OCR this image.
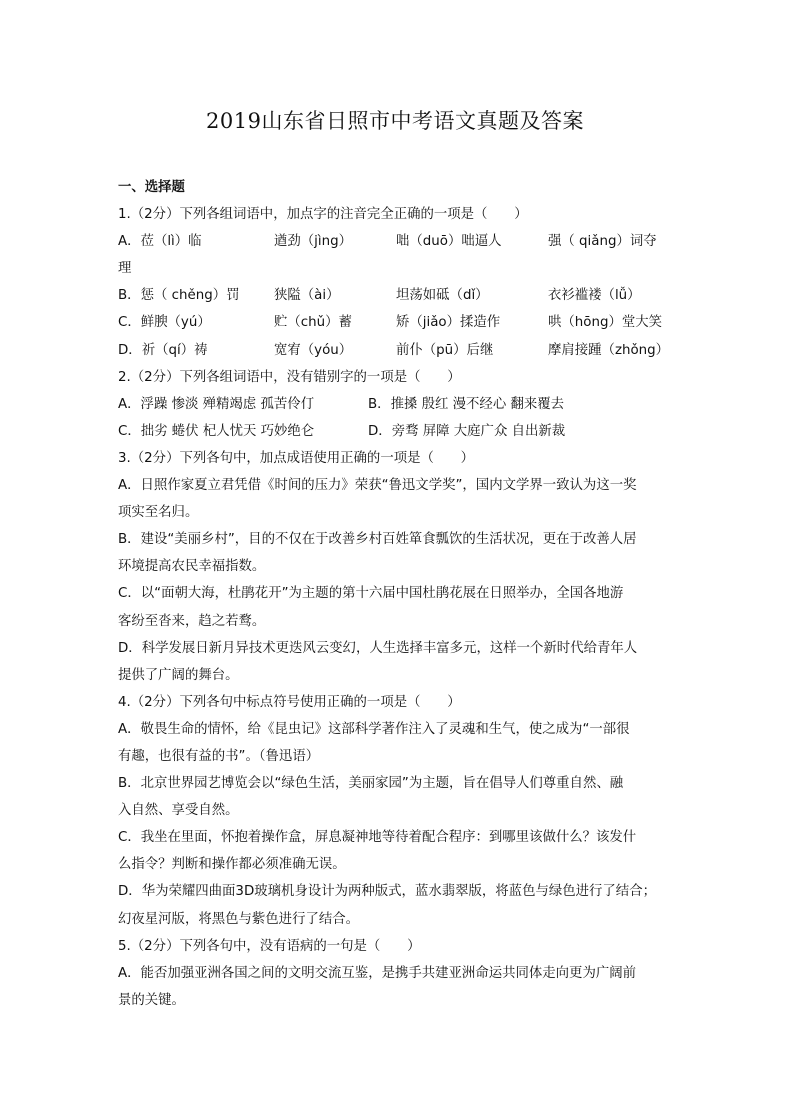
2019山东省日照市中考语文真题及答案
一、选择题
1.（2分）下列各组词语中，加点字的注音完全正确的一项是（　　）
A．莅（lì）临	遒劲（jìng）	咄（duō）咄逼人	强（ qiǎng）词夺
理
B．惩（ chěng）罚	狭隘（ài）	坦荡如砥（dǐ）	衣衫褴褛（lǚ）
C．鲜腴（yú）	贮（chǔ）蓄	矫（jiǎo）揉造作	哄（hōng）堂大笑
D．祈（qí）祷	宽宥（yóu）	前仆（pū）后继	摩肩接踵（zhǒng）
2.（2分）下列各组词语中，没有错别字的一项是（　　）
A．浮躁 惨淡 殚精竭虑 孤苦伶仃	B．推搡 殷红 漫不经心 翻来覆去
C．拙劣 蜷伏 杞人忧天 巧妙绝仑	D．旁骛 屏障 大庭广众 自出新裁
3.（2分）下列各句中，加点成语使用正确的一项是（　　）
A．日照作家夏立君凭借《时间的压力》荣获“鲁迅文学奖”，国内文学界一致认为这一奖
项实至名归。
B．建设“美丽乡村”，目的不仅在于改善乡村百姓箪食瓢饮的生活状况，更在于改善人居
环境提高农民幸福指数。
C．以“面朝大海，杜鹃花开”为主题的第十六届中国杜鹃花展在日照举办，全国各地游
客纷至沓来，趋之若鹜。
D．科学发展日新月异技术更迭风云变幻，人生选择丰富多元，这样一个新时代给青年人
提供了广阔的舞台。
4.（2分）下列各句中标点符号使用正确的一项是（　　）
A．敬畏生命的情怀，给《昆虫记》这部科学著作注入了灵魂和生气，使之成为“一部很
有趣，也很有益的书”。（鲁迅语）
B．北京世界园艺博览会以“绿色生活，美丽家园”为主题，旨在倡导人们尊重自然、融
入自然、享受自然。
C．我坐在里面，怀抱着操作盒，屏息凝神地等待着配合程序：到哪里该做什么？该发什
么指令？判断和操作都必须准确无误。
D．华为荣耀四曲面3D玻璃机身设计为两种版式，蓝水翡翠版，将蓝色与绿色进行了结合；
幻夜星河版，将黑色与紫色进行了结合。
5.（2分）下列各句中，没有语病的一句是（　　）
A．能否加强亚洲各国之间的文明交流互鉴，是携手共建亚洲命运共同体走向更为广阔前
景的关键。
